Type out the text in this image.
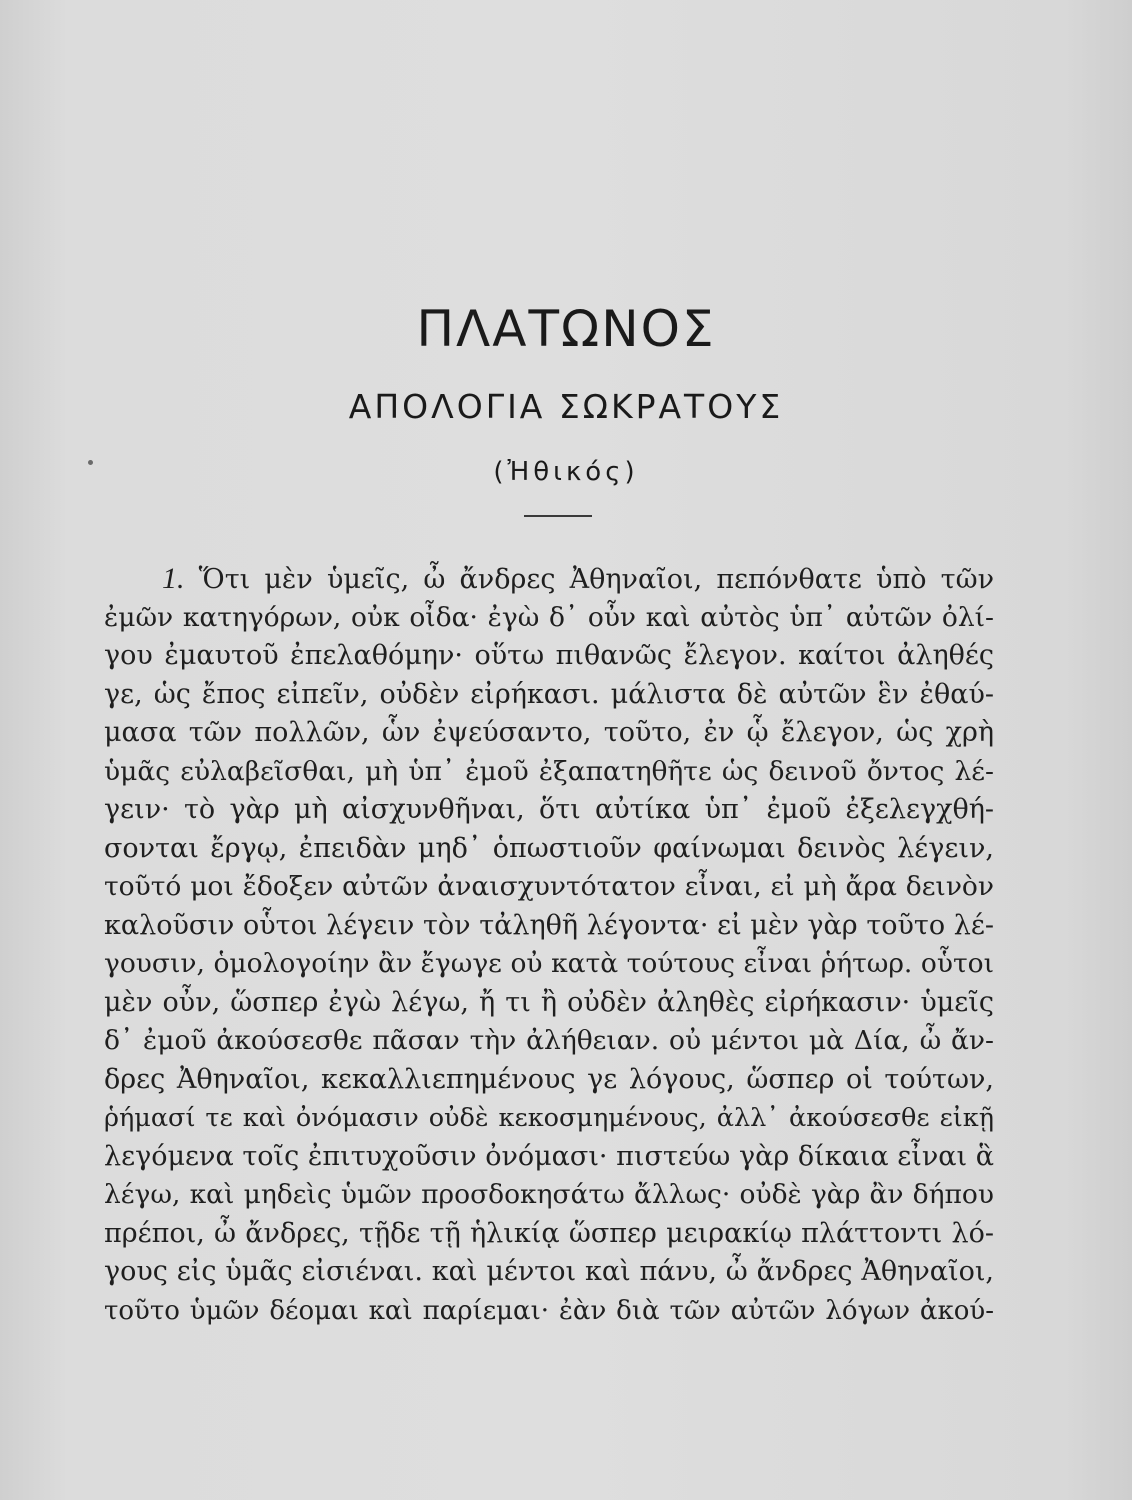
ΠΛΑΤΩΝΟΣ
ΑΠΟΛΟΓΙΑ ΣΩΚΡΑΤΟΥΣ
(Ἠθικός)
1. Ὅτι μὲν ὑμεῖς, ὦ ἄνδρες Ἀθηναῖοι, πεπόνθατε ὑπὸ τῶν
ἐμῶν κατηγόρων, οὐκ οἶδα· ἐγὼ δ᾽ οὖν καὶ αὐτὸς ὑπ᾽ αὐτῶν ὀλί-
γου ἐμαυτοῦ ἐπελαθόμην· οὕτω πιθανῶς ἔλεγον. καίτοι ἀληθές
γε, ὡς ἔπος εἰπεῖν, οὐδὲν εἰρήκασι. μάλιστα δὲ αὐτῶν ἓν ἐθαύ-
μασα τῶν πολλῶν, ὧν ἐψεύσαντο, τοῦτο, ἐν ᾧ ἔλεγον, ὡς χρὴ
ὑμᾶς εὐλαβεῖσθαι, μὴ ὑπ᾽ ἐμοῦ ἐξαπατηθῆτε ὡς δεινοῦ ὄντος λέ-
γειν· τὸ γὰρ μὴ αἰσχυνθῆναι, ὅτι αὐτίκα ὑπ᾽ ἐμοῦ ἐξελεγχθή-
σονται ἔργῳ, ἐπειδὰν μηδ᾽ ὁπωστιοῦν φαίνωμαι δεινὸς λέγειν,
τοῦτό μοι ἔδοξεν αὐτῶν ἀναισχυντότατον εἶναι, εἰ μὴ ἄρα δεινὸν
καλοῦσιν οὗτοι λέγειν τὸν τἀληθῆ λέγοντα· εἰ μὲν γὰρ τοῦτο λέ-
γουσιν, ὁμολογοίην ἂν ἔγωγε οὐ κατὰ τούτους εἶναι ῥήτωρ. οὗτοι
μὲν οὖν, ὥσπερ ἐγὼ λέγω, ἤ τι ἢ οὐδὲν ἀληθὲς εἰρήκασιν· ὑμεῖς
δ᾽ ἐμοῦ ἀκούσεσθε πᾶσαν τὴν ἀλήθειαν. οὐ μέντοι μὰ Δία, ὦ ἄν-
δρες Ἀθηναῖοι, κεκαλλιεπημένους γε λόγους, ὥσπερ οἱ τούτων,
ῥήμασί τε καὶ ὀνόμασιν οὐδὲ κεκοσμημένους, ἀλλ᾽ ἀκούσεσθε εἰκῇ
λεγόμενα τοῖς ἐπιτυχοῦσιν ὀνόμασι· πιστεύω γὰρ δίκαια εἶναι ἃ
λέγω, καὶ μηδεὶς ὑμῶν προσδοκησάτω ἄλλως· οὐδὲ γὰρ ἂν δήπου
πρέποι, ὦ ἄνδρες, τῇδε τῇ ἡλικίᾳ ὥσπερ μειρακίῳ πλάττοντι λό-
γους εἰς ὑμᾶς εἰσιέναι. καὶ μέντοι καὶ πάνυ, ὦ ἄνδρες Ἀθηναῖοι,
τοῦτο ὑμῶν δέομαι καὶ παρίεμαι· ἐὰν διὰ τῶν αὐτῶν λόγων ἀκού-
